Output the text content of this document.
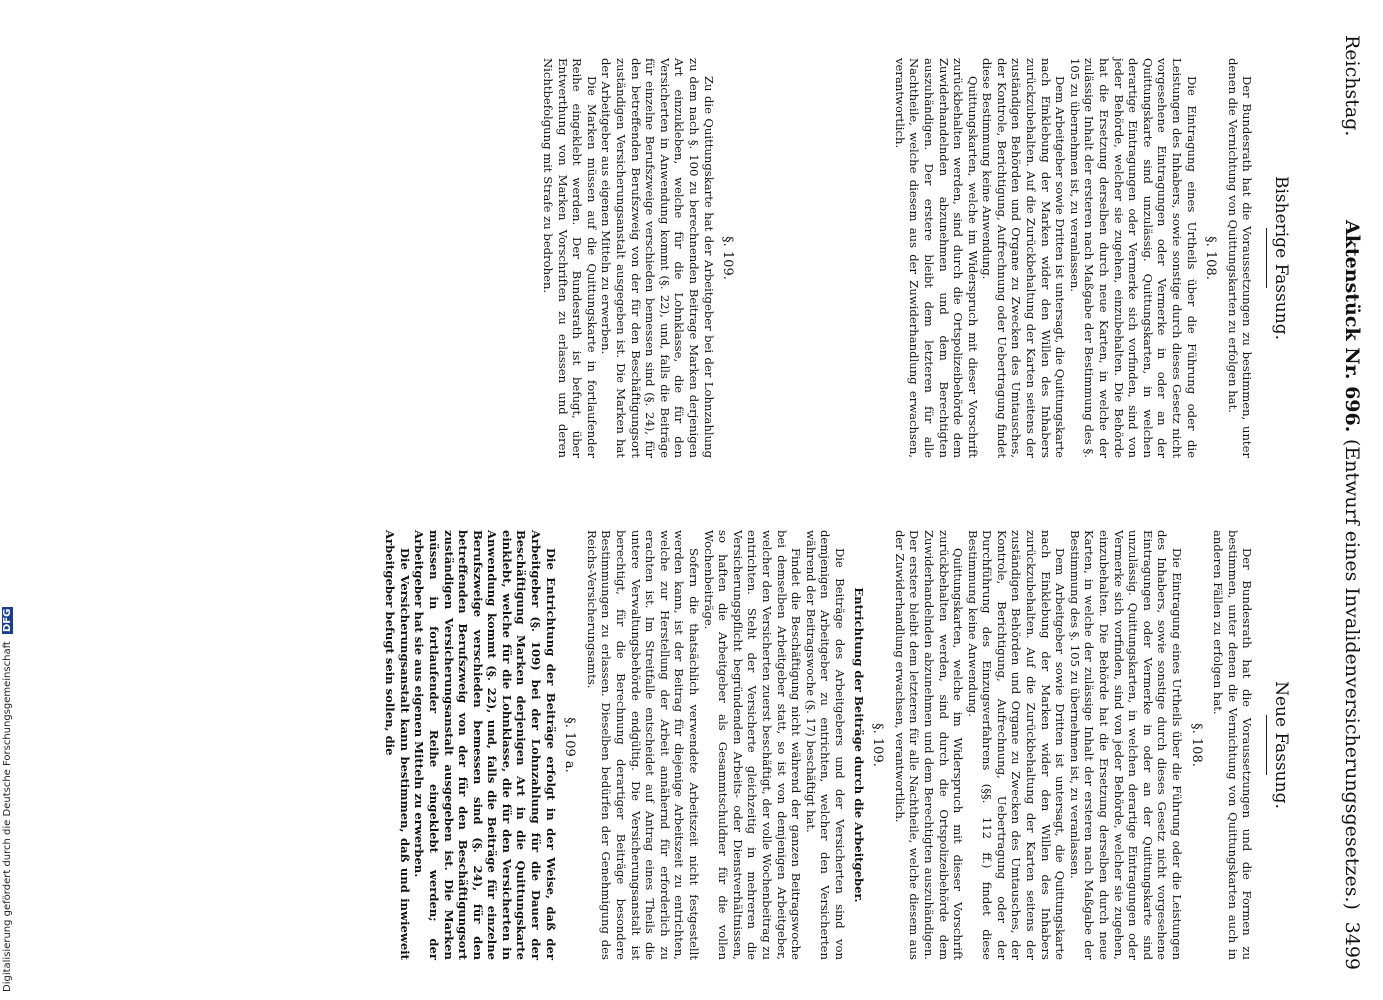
Reichstag.
Aktenstück Nr. 696. (Entwurf eines Invalidenversicherungsgesetzes.)
3499
Bisherige Fassung.

Der Bundesrath hat die Voraussetzungen zu bestimmen, unter denen die Vernichtung von Quittungskarten zu erfolgen hat.

§. 108.

Die Eintragung eines Urtheils über die Führung oder die Leistungen des Inhabers, sowie sonstige durch dieses Gesetz nicht vorgesehene Eintragungen oder Vermerke in oder an der Quittungskarte sind unzulässig. Quittungskarten, in welchen derartige Eintragungen oder Vermerke sich vorfinden, sind von jeder Behörde, welcher sie zugehen, einzubehalten. Die Behörde hat die Ersetzung derselben durch neue Karten, in welche der zulässige Inhalt der ersteren nach Maßgabe der Bestimmung des §. 105 zu übernehmen ist, zu veranlassen.

Dem Arbeitgeber sowie Dritten ist untersagt, die Quittungskarte nach Einklebung der Marken wider den Willen des Inhabers zurückzubehalten. Auf die Zurückbehaltung der Karten seitens der zuständigen Behörden und Organe zu Zwecken des Umtausches, der Kontrole, Berichtigung, Aufrechnung oder Uebertragung findet diese Bestimmung keine Anwendung.

Quittungskarten, welche im Widerspruch mit dieser Vorschrift zurückbehalten werden, sind durch die Ortspolizeibehörde dem Zuwiderhandelnden abzunehmen und dem Berechtigten auszuhändigen. Der erstere bleibt dem letzteren für alle Nachtheile, welche diesem aus der Zuwiderhandlung erwachsen, verantwortlich.

§. 109.

Zu die Quittungskarte hat der Arbeitgeber bei der Lohnzahlung zu dem nach §. 100 zu berechnenden Beitrage Marken derjenigen Art einzukleben, welche für die Lohnklasse, die für den Versicherten in Anwendung kommt (§. 22), und, falls die Beiträge für einzelne Berufszweige verschieden bemessen sind (§. 24), für den betreffenden Berufszweig von der für den Beschäftigungsort zuständigen Versicherungsanstalt ausgegeben ist. Die Marken hat der Arbeitgeber aus eigenen Mitteln zu erwerben.

Die Marken müssen auf die Quittungskarte in fortlaufender Reihe eingeklebt werden. Der Bundesrath ist befugt, über Entwerthung von Marken Vorschriften zu erlassen und deren Nichtbefolgung mit Strafe zu bedrohen.

Neue Fassung.

Der Bundesrath hat die Voraussetzungen und die Formen zu bestimmen, unter denen die Vernichtung von Quittungskarten auch in anderen Fällen zu erfolgen hat.

§. 108.

Die Eintragung eines Urtheils über die Führung oder die Leistungen des Inhabers, sowie sonstige durch dieses Gesetz nicht vorgesehene Eintragungen oder Vermerke in oder an der Quittungskarte sind unzulässig. Quittungskarten, in welchen derartige Eintragungen oder Vermerke sich vorfinden, sind von jeder Behörde, welcher sie zugehen, einzubehalten. Die Behörde hat die Ersetzung derselben durch neue Karten, in welche der zulässige Inhalt der ersteren nach Maßgabe der Bestimmung des §. 105 zu übernehmen ist, zu veranlassen.

Dem Arbeitgeber sowie Dritten ist untersagt, die Quittungskarte nach Einklebung der Marken wider den Willen des Inhabers zurückzubehalten. Auf die Zurückbehaltung der Karten seitens der zuständigen Behörden und Organe zu Zwecken des Umtausches, der Kontrole, Berichtigung, Aufrechnung, Uebertragung oder der Durchführung des Einzugsverfahrens (§§. 112 ff.) findet diese Bestimmung keine Anwendung.

Quittungskarten, welche im Widerspruch mit dieser Vorschrift zurückbehalten werden, sind durch die Ortspolizeibehörde dem Zuwiderhandelnden abzunehmen und dem Berechtigten auszuhändigen. Der erstere bleibt dem letzteren für alle Nachtheile, welche diesem aus der Zuwiderhandlung erwachsen, verantwortlich.

§. 109.
Entrichtung der Beiträge durch die Arbeitgeber.

Die Beiträge des Arbeitgebers und der Versicherten sind von demjenigen Arbeitgeber zu entrichten, welcher den Versicherten während der Beitragswoche (§. 17) beschäftigt hat.

Findet die Beschäftigung nicht während der ganzen Beitragswoche bei demselben Arbeitgeber statt, so ist von demjenigen Arbeitgeber, welcher den Versicherten zuerst beschäftigt, der volle Wochenbeitrag zu entrichten. Steht der Versicherte gleichzeitig in mehreren die Versicherungspflicht begründenden Arbeits- oder Dienstverhältnissen, so haften die Arbeitgeber als Gesammtschuldner für die vollen Wochenbeiträge.

Sofern die thatsächlich verwendete Arbeitszeit nicht festgestellt werden kann, ist der Beitrag für diejenige Arbeitszeit zu entrichten, welche zur Herstellung der Arbeit annähernd für erforderlich zu erachten ist. Im Streitfalle entscheidet auf Antrag eines Theils die untere Verwaltungsbehörde endgültig. Die Versicherungsanstalt ist berechtigt, für die Berechnung derartiger Beiträge besondere Bestimmungen zu erlassen. Dieselben bedürfen der Genehmigung des Reichs-Versicherungsamts.

§. 109 a.

Die Entrichtung der Beiträge erfolgt in der Weise, daß der Arbeitgeber (§. 109) bei der Lohnzahlung für die Dauer der Beschäftigung Marken derjenigen Art in die Quittungskarte einklebt, welche für die Lohnklasse, die für den Versicherten in Anwendung kommt (§. 22), und, falls die Beiträge für einzelne Berufszweige verschieden bemessen sind (§. 24), für den betreffenden Berufszweig von der für den Beschäftigungsort zuständigen Versicherungsanstalt ausgegeben ist. Die Marken müssen in fortlaufender Reihe eingeklebt werden; der Arbeitgeber hat sie aus eigenen Mitteln zu erwerben.

Die Versicherungsanstalt kann bestimmen, daß und inwieweit Arbeitgeber befugt sein sollen, die

Digitalisierung gefördert durch die Deutsche Forschungsgemeinschaft DFG
